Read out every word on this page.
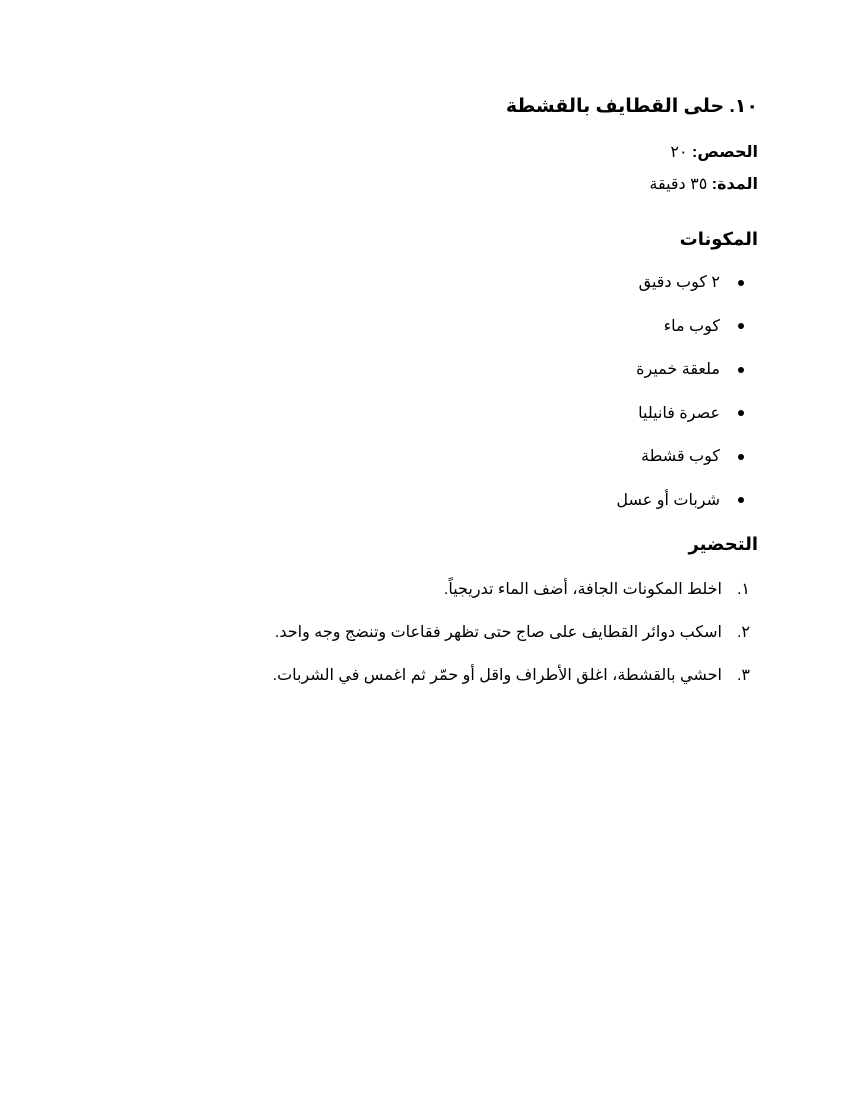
١٠. حلى القطايف بالقشطة
الحصص: ٢٠
المدة: ٣٥ دقيقة
المكونات
٢ كوب دقيق
كوب ماء
ملعقة خميرة
عصرة فانيليا
كوب قشطة
شربات أو عسل
التحضير
١.
اخلط المكونات الجافة، أضف الماء تدريجياً.
٢.
اسكب دوائر القطايف على صاج حتى تظهر فقاعات وتنضج وجه واحد.
٣.
احشي بالقشطة، اغلق الأطراف واقل أو حمّر ثم اغمس في الشربات.
